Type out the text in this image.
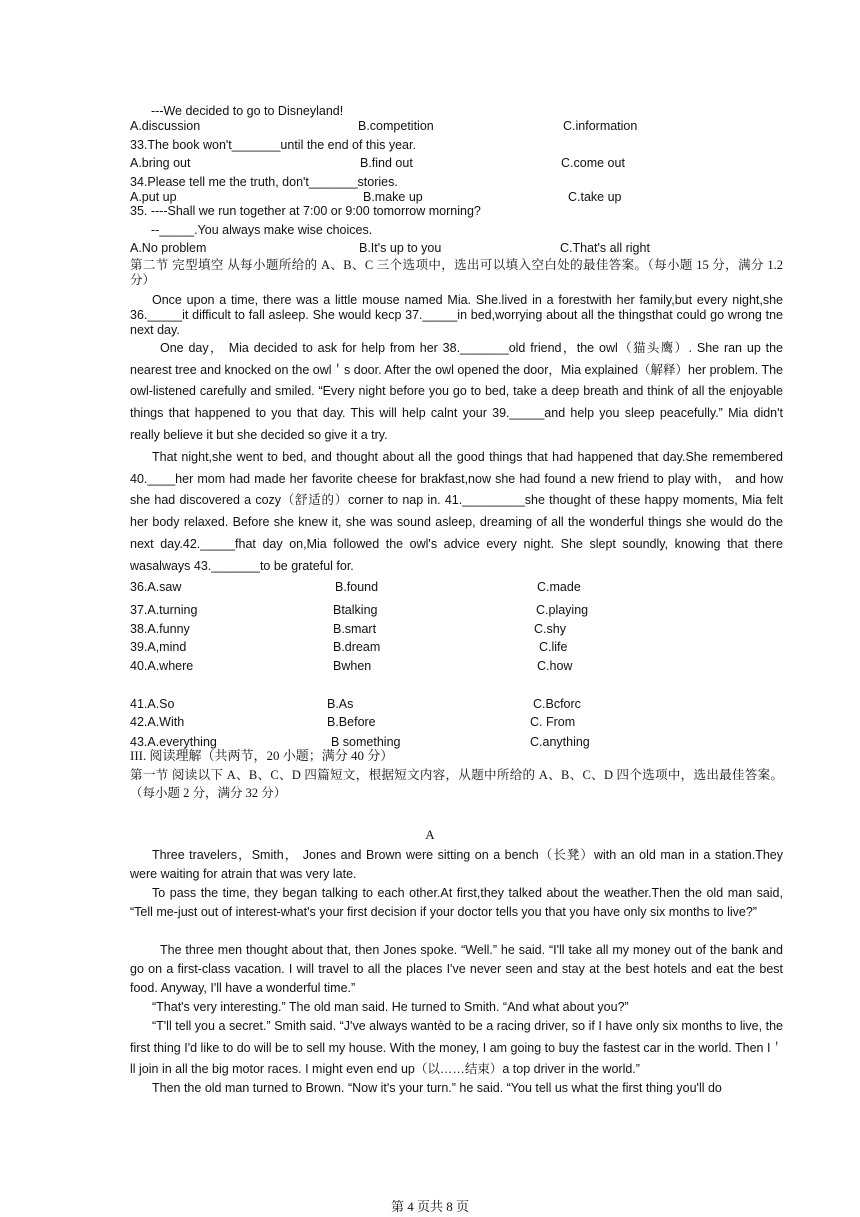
---We decided to go to Disneyland!
A.discussion	B.competition	C.information
33.The book won't_______until the end of this year.
A.bring out	B.find out	C.come out
34.Please tell me the truth, don't_______stories.
A.put up	B.make up	C.take up
35. ----Shall we run together at 7:00 or 9:00 tomorrow morning?
--_____.You always make wise choices.
A.No problem	B.It's up to you	C.That's all right
第二节 完型填空 从每小题所给的 A、B、C 三个选项中，选出可以填入空白处的最佳答案。（每小题 15 分，满分 1.2 分）
Once upon a time, there was a little mouse named Mia. She.lived in a forestwith her family,but every night,she 36._____it difficult to fall asleep. She would kecp 37._____in bed,worrying about all the thingsthat could go wrong tne next day.
One day， Mia decided to ask for help from her 38._______old friend，the owl（猫头鹰）. She ran up the nearest tree and knocked on the owl＇s door. After the owl opened the door，Mia explained（解释）her problem. The owl-listened carefully and smiled. “Every night before you go to bed, take a deep breath and think of all the enjoyable things that happened to you that day. This will help calnt your 39._____and help you sleep peacefully.” Mia didn't really believe it but she decided so give it a try.
That night,she went to bed, and thought about all the good things that had happened that day.She remembered 40.____her mom had made her favorite cheese for brakfast,now she had found a new friend to play with， and how she had discovered a cozy（舒适的）corner to nap in. 41._________she thought of these happy moments, Mia felt her body relaxed. Before she knew it, she was sound asleep, dreaming of all the wonderful things she would do the next day.42._____fhat day on,Mia followed the owl's advice every night. She slept soundly, knowing that there wasalways 43._______to be grateful for.
36.A.saw	B.found	C.made
37.A.turning	Btalking	C.playing
38.A.funny	B.smart	C.shy
39.A,mind	B.dream	C.life
40.A.where	Bwhen	C.how
41.A.So	B.As	C.Bcforc
42.A.With	B.Before	C. From
43.A.everything	B something	C.anything
III. 阅读理解（共两节，20 小题；满分 40 分）
第一节 阅读以下 A、B、C、D 四篇短文，根据短文内容，从题中所给的 A、B、C、D 四个选项中，选出最佳答案。（每小题 2 分，满分 32 分）
A
Three travelers，Smith， Jones and Brown were sitting on a bench（长凳）with an old man in a station.They were waiting for atrain that was very late.
To pass the time, they began talking to each other.At first,they talked about the weather.Then the old man said, “Tell me-just out of interest-what's your first decision if your doctor tells you that you have only six months to live?”
The three men thought about that, then Jones spoke. “Well.” he said. “I'll take all my money out of the bank and go on a first-class vacation. I will travel to all the places I've never seen and stay at the best hotels and eat the best food. Anyway, I'll have a wonderful time.”
“That's very interesting.” The old man said. He turned to Smith. “And what about you?”
“T'll tell you a secret.” Smith said. “J've always wantèd to be a racing driver, so if I have only six months to live, the first thing I'd like to do will be to sell my house. With the money, I am going to buy the fastest car in the world. Then I＇ll join in all the big motor races. I might even end up（以……结束）a top driver in the world.”
Then the old man turned to Brown. “Now it's your turn.” he said. “You tell us what the first thing you'll do
第 4 页共 8 页
